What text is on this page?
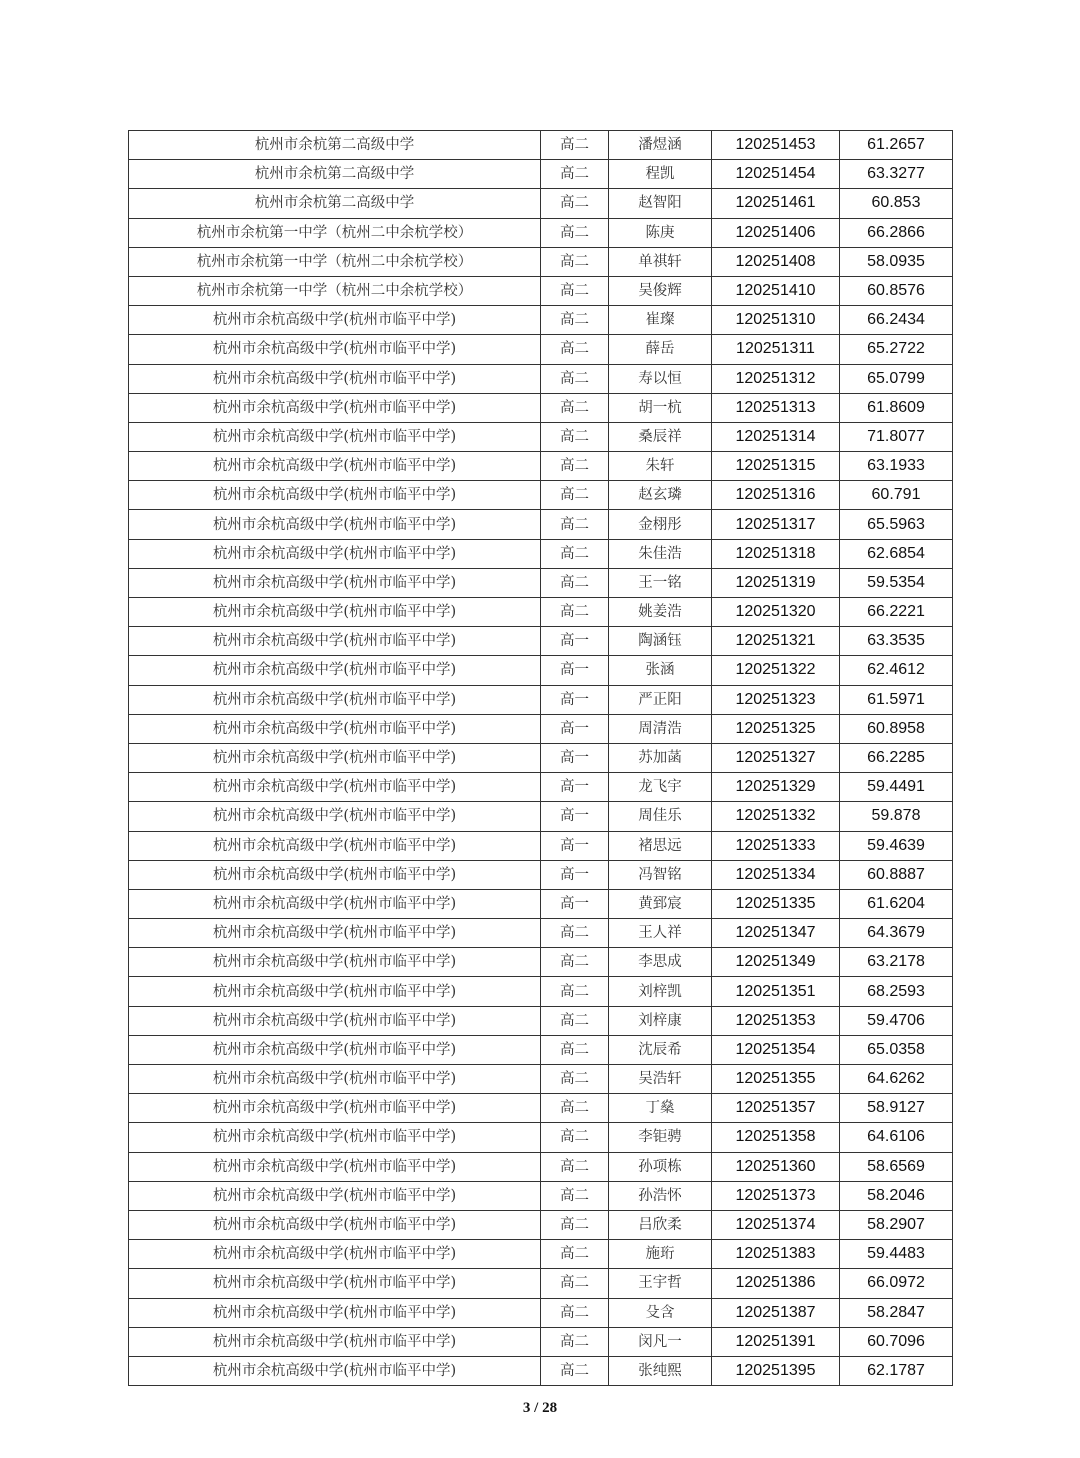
杭州市余杭第二高级中学	高二	潘煜涵	120251453	61.2657
杭州市余杭第二高级中学	高二	程凯	120251454	63.3277
杭州市余杭第二高级中学	高二	赵智阳	120251461	60.853
杭州市余杭第一中学（杭州二中余杭学校）	高二	陈庚	120251406	66.2866
杭州市余杭第一中学（杭州二中余杭学校）	高二	单祺轩	120251408	58.0935
杭州市余杭第一中学（杭州二中余杭学校）	高二	吴俊辉	120251410	60.8576
杭州市余杭高级中学(杭州市临平中学)	高二	崔璨	120251310	66.2434
杭州市余杭高级中学(杭州市临平中学)	高二	薛岳	120251311	65.2722
杭州市余杭高级中学(杭州市临平中学)	高二	寿以恒	120251312	65.0799
杭州市余杭高级中学(杭州市临平中学)	高二	胡一杭	120251313	61.8609
杭州市余杭高级中学(杭州市临平中学)	高二	桑辰祥	120251314	71.8077
杭州市余杭高级中学(杭州市临平中学)	高二	朱轩	120251315	63.1933
杭州市余杭高级中学(杭州市临平中学)	高二	赵玄璘	120251316	60.791
杭州市余杭高级中学(杭州市临平中学)	高二	金栩彤	120251317	65.5963
杭州市余杭高级中学(杭州市临平中学)	高二	朱佳浩	120251318	62.6854
杭州市余杭高级中学(杭州市临平中学)	高二	王一铭	120251319	59.5354
杭州市余杭高级中学(杭州市临平中学)	高二	姚姜浩	120251320	66.2221
杭州市余杭高级中学(杭州市临平中学)	高一	陶涵钰	120251321	63.3535
杭州市余杭高级中学(杭州市临平中学)	高一	张涵	120251322	62.4612
杭州市余杭高级中学(杭州市临平中学)	高一	严正阳	120251323	61.5971
杭州市余杭高级中学(杭州市临平中学)	高一	周清浩	120251325	60.8958
杭州市余杭高级中学(杭州市临平中学)	高一	苏加菡	120251327	66.2285
杭州市余杭高级中学(杭州市临平中学)	高一	龙飞宇	120251329	59.4491
杭州市余杭高级中学(杭州市临平中学)	高一	周佳乐	120251332	59.878
杭州市余杭高级中学(杭州市临平中学)	高一	褚思远	120251333	59.4639
杭州市余杭高级中学(杭州市临平中学)	高一	冯智铭	120251334	60.8887
杭州市余杭高级中学(杭州市临平中学)	高一	黄郅宸	120251335	61.6204
杭州市余杭高级中学(杭州市临平中学)	高二	王人祥	120251347	64.3679
杭州市余杭高级中学(杭州市临平中学)	高二	李思成	120251349	63.2178
杭州市余杭高级中学(杭州市临平中学)	高二	刘梓凯	120251351	68.2593
杭州市余杭高级中学(杭州市临平中学)	高二	刘梓康	120251353	59.4706
杭州市余杭高级中学(杭州市临平中学)	高二	沈辰希	120251354	65.0358
杭州市余杭高级中学(杭州市临平中学)	高二	吴浩轩	120251355	64.6262
杭州市余杭高级中学(杭州市临平中学)	高二	丁燊	120251357	58.9127
杭州市余杭高级中学(杭州市临平中学)	高二	李钜骋	120251358	64.6106
杭州市余杭高级中学(杭州市临平中学)	高二	孙项栋	120251360	58.6569
杭州市余杭高级中学(杭州市临平中学)	高二	孙浩怀	120251373	58.2046
杭州市余杭高级中学(杭州市临平中学)	高二	吕欣柔	120251374	58.2907
杭州市余杭高级中学(杭州市临平中学)	高二	施珩	120251383	59.4483
杭州市余杭高级中学(杭州市临平中学)	高二	王宇哲	120251386	66.0972
杭州市余杭高级中学(杭州市临平中学)	高二	殳含	120251387	58.2847
杭州市余杭高级中学(杭州市临平中学)	高二	闵凡一	120251391	60.7096
杭州市余杭高级中学(杭州市临平中学)	高二	张纯熙	120251395	62.1787
3 / 28
